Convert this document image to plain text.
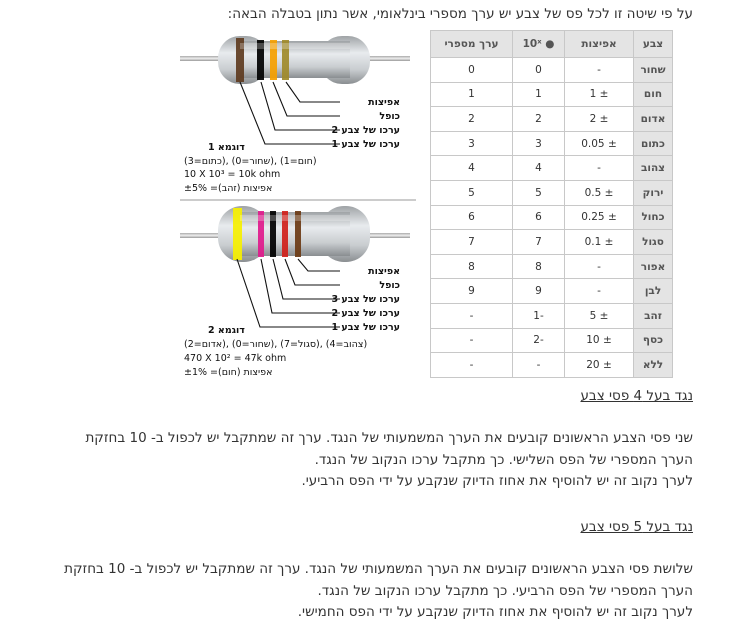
על פי שיטה זו לכל פס של צבע יש ערך מספרי בינלאומי, אשר נתון בטבלה הבאה:
אפיצות
כופל
ערכו של צבע 2
ערכו של צבע 1
דוגמא 1
(כתום=3), (שחור=0), (חום=1)
10 X 10³ = 10k ohm
אפיצות (זהב)= ±5%
אפיצות
כופל
ערכו של צבע 3
ערכו של צבע 2
ערכו של צבע 1
דוגמא 2
(אדום=2), (שחור=0), (סגול=7), (צהוב=4)
470 X 10² = 47k ohm
אפיצות (חום)= ±1%
צבע	אפיצות	● 10ˣ	ערך מספרי
שחור	-	0	0
חום	± 1	1	1
אדום	± 2	2	2
כתום	± 0.05	3	3
צהוב	-	4	4
ירוק	± 0.5	5	5
כחול	± 0.25	6	6
סגול	± 0.1	7	7
אפור	-	8	8
לבן	-	9	9
זהב	± 5	-1	-
כסף	± 10	-2	-
ללא	± 20	-	-
נגד בעל 4 פסי צבע
שני פסי הצבע הראשונים קובעים את הערך המשמעותי של הנגד. ערך זה שמתקבל יש לכפול ב- 10 בחזקת
הערך המספרי של הפס השלישי. כך מתקבל ערכו הנקוב של הנגד.
לערך נקוב זה יש להוסיף את אחוז הדיוק שנקבע על ידי הפס הרביעי.
נגד בעל 5 פסי צבע
שלושת פסי הצבע הראשונים קובעים את הערך המשמעותי של הנגד. ערך זה שמתקבל יש לכפול ב- 10 בחזקת
הערך המספרי של הפס הרביעי. כך מתקבל ערכו הנקוב של הנגד.
לערך נקוב זה יש להוסיף את אחוז הדיוק שנקבע על ידי הפס החמישי.
